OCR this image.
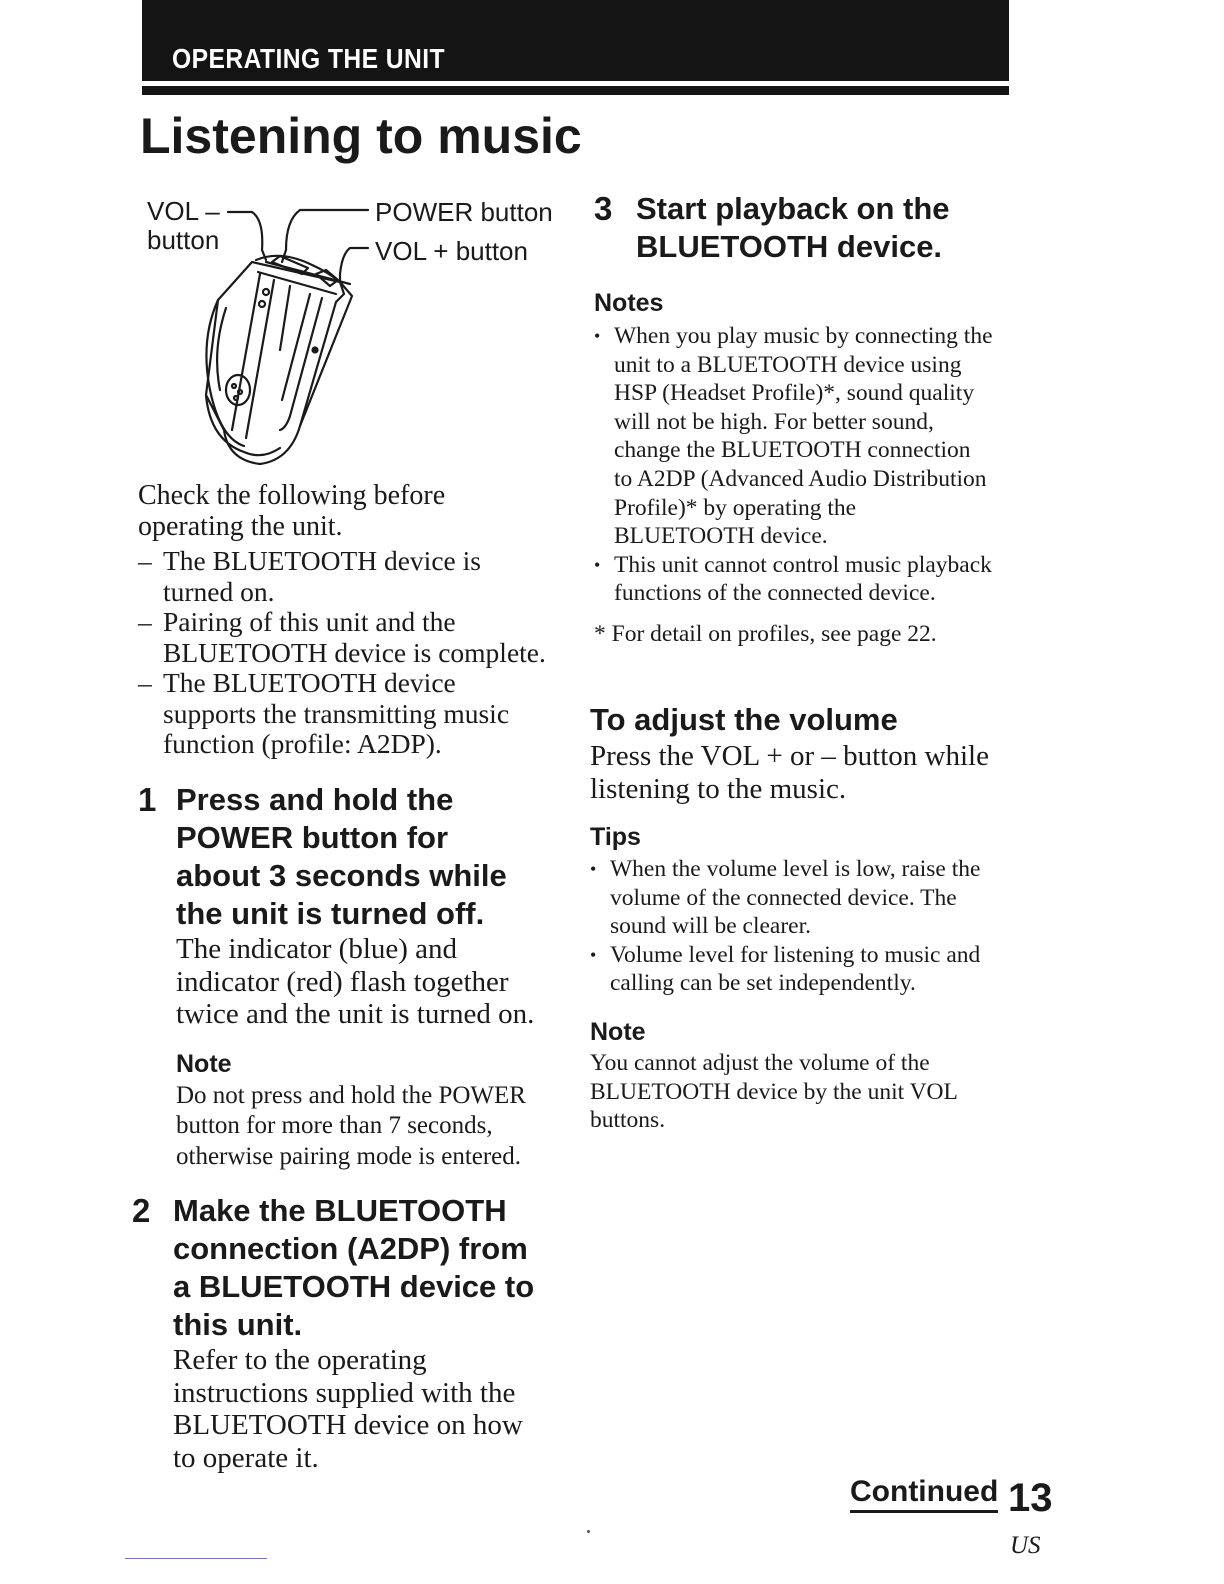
OPERATING THE UNIT
Listening to music
VOL –
button
POWER button
VOL + button
Check the following before
operating the unit.
– The BLUETOOTH device is
turned on.
– Pairing of this unit and the
BLUETOOTH device is complete.
– The BLUETOOTH device
supports the transmitting music
function (profile: A2DP).
1 Press and hold the
POWER button for
about 3 seconds while
the unit is turned off.
The indicator (blue) and
indicator (red) flash together
twice and the unit is turned on.
Note
Do not press and hold the POWER
button for more than 7 seconds,
otherwise pairing mode is entered.
2 Make the BLUETOOTH
connection (A2DP) from
a BLUETOOTH device to
this unit.
Refer to the operating
instructions supplied with the
BLUETOOTH device on how
to operate it.
3 Start playback on the
BLUETOOTH device.
Notes
• When you play music by connecting the
unit to a BLUETOOTH device using
HSP (Headset Profile)*, sound quality
will not be high. For better sound,
change the BLUETOOTH connection
to A2DP (Advanced Audio Distribution
Profile)* by operating the
BLUETOOTH device.
• This unit cannot control music playback
functions of the connected device.
* For detail on profiles, see page 22.
To adjust the volume
Press the VOL + or – button while
listening to the music.
Tips
• When the volume level is low, raise the
volume of the connected device. The
sound will be clearer.
• Volume level for listening to music and
calling can be set independently.
Note
You cannot adjust the volume of the
BLUETOOTH device by the unit VOL
buttons.
Continued 13
US
